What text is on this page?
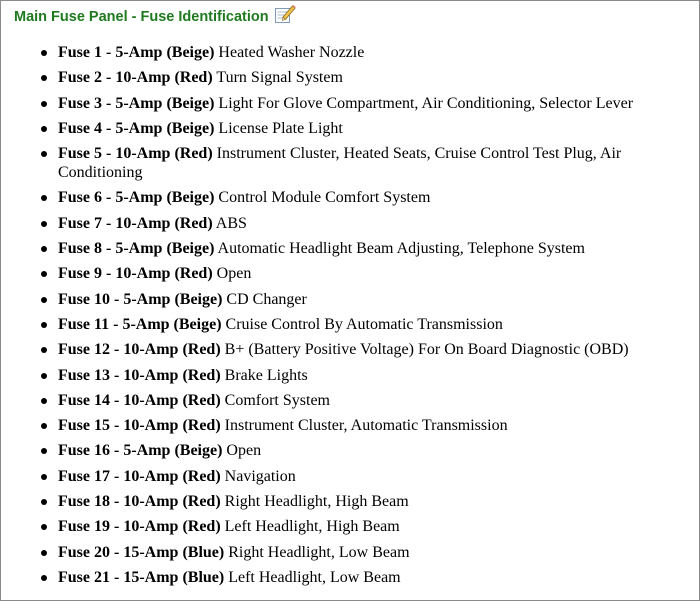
Main Fuse Panel - Fuse Identification
Fuse 1 - 5-Amp (Beige) Heated Washer Nozzle
Fuse 2 - 10-Amp (Red) Turn Signal System
Fuse 3 - 5-Amp (Beige) Light For Glove Compartment, Air Conditioning, Selector Lever
Fuse 4 - 5-Amp (Beige) License Plate Light
Fuse 5 - 10-Amp (Red) Instrument Cluster, Heated Seats, Cruise Control Test Plug, Air Conditioning
Fuse 6 - 5-Amp (Beige) Control Module Comfort System
Fuse 7 - 10-Amp (Red) ABS
Fuse 8 - 5-Amp (Beige) Automatic Headlight Beam Adjusting, Telephone System
Fuse 9 - 10-Amp (Red) Open
Fuse 10 - 5-Amp (Beige) CD Changer
Fuse 11 - 5-Amp (Beige) Cruise Control By Automatic Transmission
Fuse 12 - 10-Amp (Red) B+ (Battery Positive Voltage) For On Board Diagnostic (OBD)
Fuse 13 - 10-Amp (Red) Brake Lights
Fuse 14 - 10-Amp (Red) Comfort System
Fuse 15 - 10-Amp (Red) Instrument Cluster, Automatic Transmission
Fuse 16 - 5-Amp (Beige) Open
Fuse 17 - 10-Amp (Red) Navigation
Fuse 18 - 10-Amp (Red) Right Headlight, High Beam
Fuse 19 - 10-Amp (Red) Left Headlight, High Beam
Fuse 20 - 15-Amp (Blue) Right Headlight, Low Beam
Fuse 21 - 15-Amp (Blue) Left Headlight, Low Beam
